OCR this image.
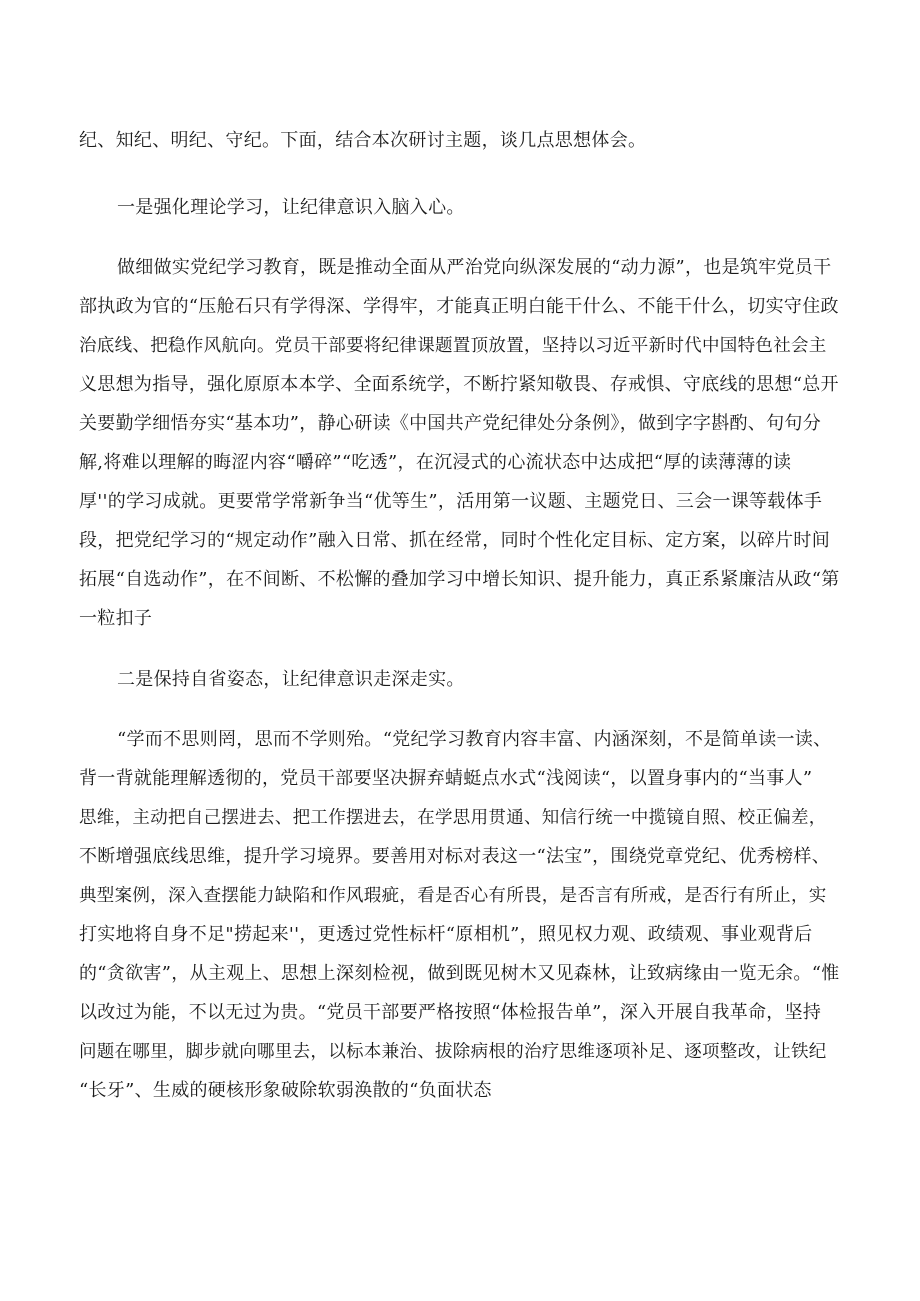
纪、知纪、明纪、守纪。下面，结合本次研讨主题，谈几点思想体会。
一是强化理论学习，让纪律意识入脑入心。
做细做实党纪学习教育，既是推动全面从严治党向纵深发展的“动力源”，也是筑牢党员干
部执政为官的“压舱石只有学得深、学得牢，才能真正明白能干什么、不能干什么，切实守住政
治底线、把稳作风航向。党员干部要将纪律课题置顶放置，坚持以习近平新时代中国特色社会主
义思想为指导，强化原原本本学、全面系统学，不断拧紧知敬畏、存戒惧、守底线的思想“总开
关要勤学细悟夯实“基本功”，静心研读《中国共产党纪律处分条例》，做到字字斟酌、句句分
解,将难以理解的晦涩内容“嚼碎”“吃透”，在沉浸式的心流状态中达成把“厚的读薄薄的读
厚''的学习成就。更要常学常新争当“优等生”，活用第一议题、主题党日、三会一课等载体手
段，把党纪学习的“规定动作”融入日常、抓在经常，同时个性化定目标、定方案，以碎片时间
拓展“自选动作”，在不间断、不松懈的叠加学习中增长知识、提升能力，真正系紧廉洁从政“第
一粒扣子
二是保持自省姿态，让纪律意识走深走实。
“学而不思则罔，思而不学则殆。“党纪学习教育内容丰富、内涵深刻，不是简单读一读、
背一背就能理解透彻的，党员干部要坚决摒弃蜻蜓点水式“浅阅读“，以置身事内的“当事人”
思维，主动把自己摆进去、把工作摆进去，在学思用贯通、知信行统一中揽镜自照、校正偏差，
不断增强底线思维，提升学习境界。要善用对标对表这一“法宝”，围绕党章党纪、优秀榜样、
典型案例，深入查摆能力缺陷和作风瑕疵，看是否心有所畏，是否言有所戒，是否行有所止，实
打实地将自身不足"捞起来''，更透过党性标杆“原相机”，照见权力观、政绩观、事业观背后
的“贪欲害”，从主观上、思想上深刻检视，做到既见树木又见森林，让致病缘由一览无余。“惟
以改过为能，不以无过为贵。“党员干部要严格按照“体检报告单”，深入开展自我革命，坚持
问题在哪里，脚步就向哪里去，以标本兼治、拔除病根的治疗思维逐项补足、逐项整改，让铁纪
“长牙”、生威的硬核形象破除软弱涣散的“负面状态
